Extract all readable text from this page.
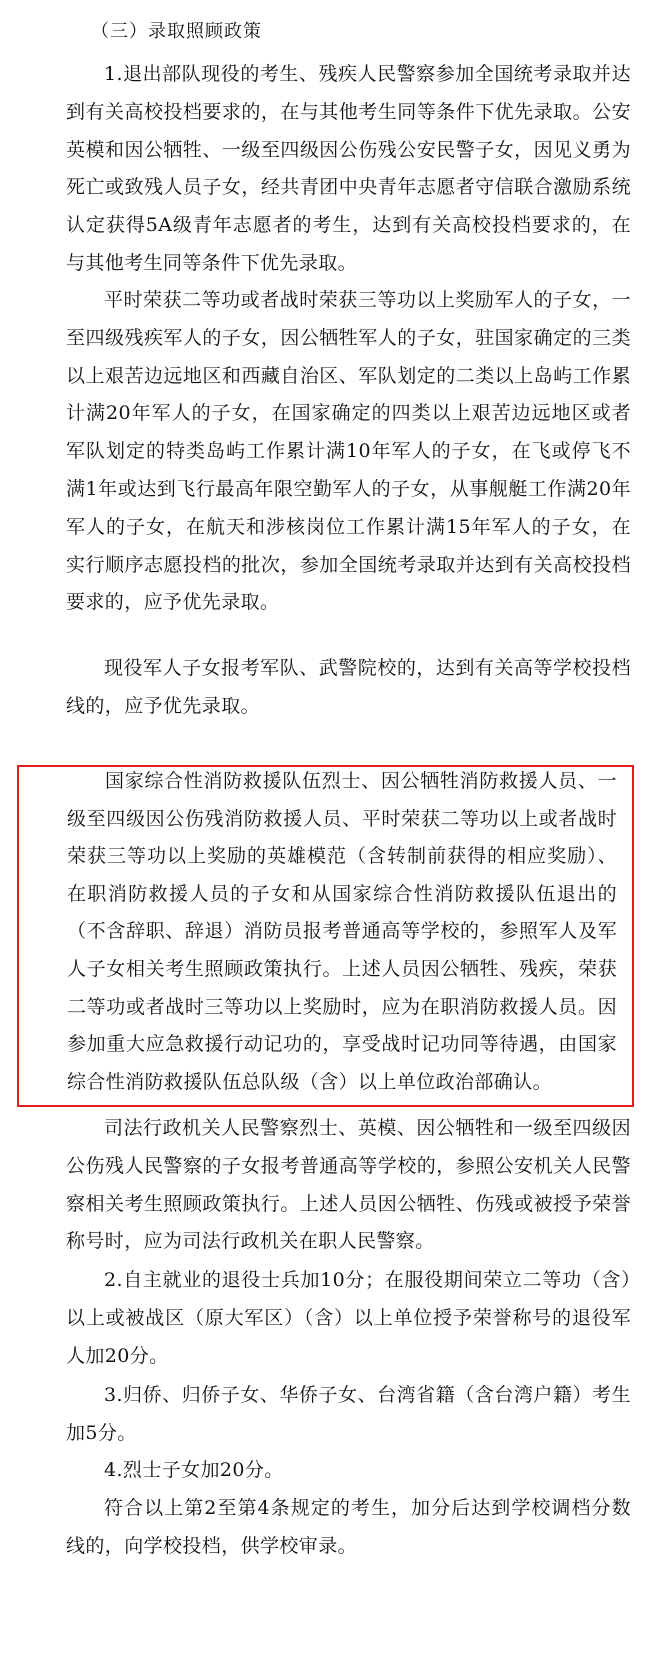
（三）录取照顾政策

1.退出部队现役的考生、残疾人民警察参加全国统考录取并达到有关高校投档要求的，在与其他考生同等条件下优先录取。公安英模和因公牺牲、一级至四级因公伤残公安民警子女，因见义勇为死亡或致残人员子女，经共青团中央青年志愿者守信联合激励系统认定获得5A级青年志愿者的考生，达到有关高校投档要求的，在与其他考生同等条件下优先录取。

平时荣获二等功或者战时荣获三等功以上奖励军人的子女，一至四级残疾军人的子女，因公牺牲军人的子女，驻国家确定的三类以上艰苦边远地区和西藏自治区、军队划定的二类以上岛屿工作累计满20年军人的子女，在国家确定的四类以上艰苦边远地区或者军队划定的特类岛屿工作累计满10年军人的子女，在飞或停飞不满1年或达到飞行最高年限空勤军人的子女，从事舰艇工作满20年军人的子女，在航天和涉核岗位工作累计满15年军人的子女，在实行顺序志愿投档的批次，参加全国统考录取并达到有关高校投档要求的，应予优先录取。

现役军人子女报考军队、武警院校的，达到有关高等学校投档线的，应予优先录取。

国家综合性消防救援队伍烈士、因公牺牲消防救援人员、一级至四级因公伤残消防救援人员、平时荣获二等功以上或者战时荣获三等功以上奖励的英雄模范（含转制前获得的相应奖励）、在职消防救援人员的子女和从国家综合性消防救援队伍退出的（不含辞职、辞退）消防员报考普通高等学校的，参照军人及军人子女相关考生照顾政策执行。上述人员因公牺牲、残疾，荣获二等功或者战时三等功以上奖励时，应为在职消防救援人员。因参加重大应急救援行动记功的，享受战时记功同等待遇，由国家综合性消防救援队伍总队级（含）以上单位政治部确认。

司法行政机关人民警察烈士、英模、因公牺牲和一级至四级因公伤残人民警察的子女报考普通高等学校的，参照公安机关人民警察相关考生照顾政策执行。上述人员因公牺牲、伤残或被授予荣誉称号时，应为司法行政机关在职人民警察。

2.自主就业的退役士兵加10分；在服役期间荣立二等功（含）以上或被战区（原大军区）（含）以上单位授予荣誉称号的退役军人加20分。

3.归侨、归侨子女、华侨子女、台湾省籍（含台湾户籍）考生加5分。

4.烈士子女加20分。

符合以上第2至第4条规定的考生，加分后达到学校调档分数线的，向学校投档，供学校审录。
